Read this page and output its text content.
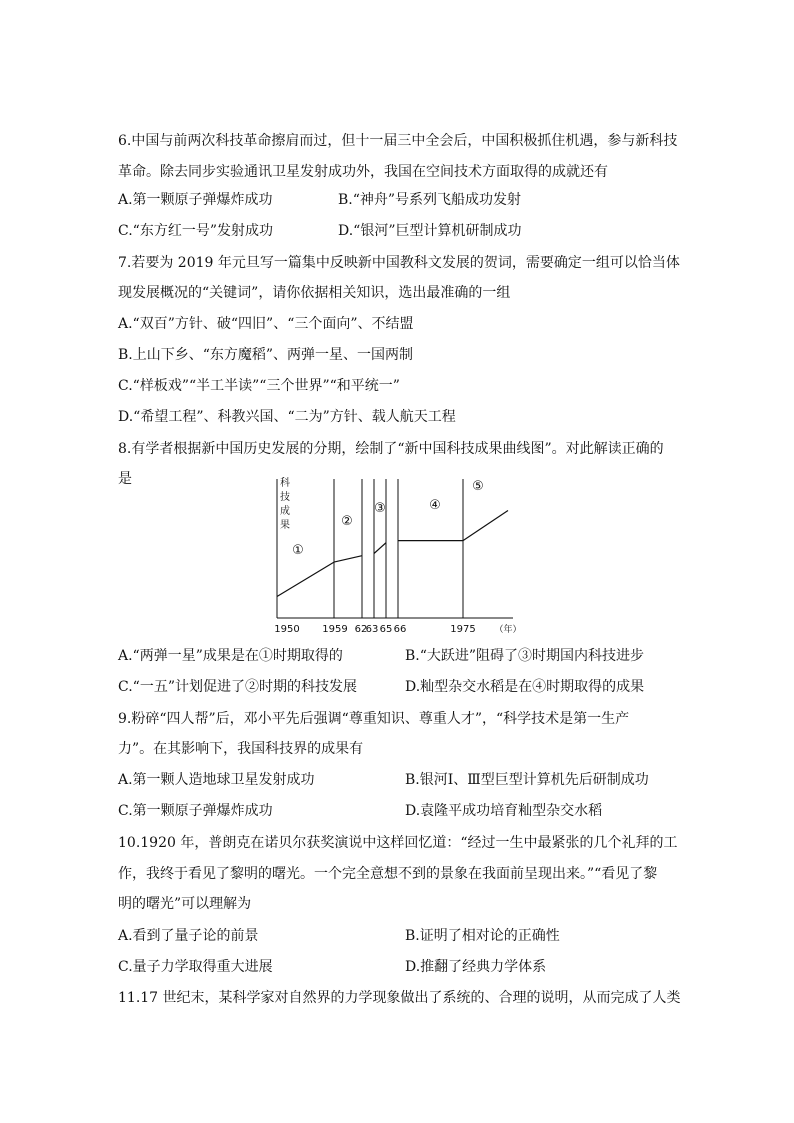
6.中国与前两次科技革命擦肩而过，但十一届三中全会后，中国积极抓住机遇，参与新科技
革命。除去同步实验通讯卫星发射成功外，我国在空间技术方面取得的成就还有
A.第一颗原子弹爆炸成功	B.“神舟”号系列飞船成功发射
C.“东方红一号”发射成功	D.“银河”巨型计算机研制成功
7.若要为 2019 年元旦写一篇集中反映新中国教科文发展的贺词，需要确定一组可以恰当体
现发展概况的“关键词”，请你依据相关知识，选出最准确的一组
A.“双百”方针、破“四旧”、“三个面向”、不结盟
B.上山下乡、“东方魔稻”、两弹一星、一国两制
C.“样板戏”“半工半读”“三个世界”“和平统一”
D.“希望工程”、科教兴国、“二为”方针、载人航天工程
8.有学者根据新中国历史发展的分期，绘制了“新中国科技成果曲线图”。对此解读正确的
是	科
技
成
果
①
②
③	④
⑤
1950 1959 62
63 65 66	1975 （年）
A.“两弹一星”成果是在①时期取得的	B.“大跃进”阻碍了③时期国内科技进步
C.“一五”计划促进了②时期的科技发展	D.籼型杂交水稻是在④时期取得的成果
9.粉碎“四人帮”后，邓小平先后强调“尊重知识、尊重人才”，“科学技术是第一生产
力”。在其影响下，我国科技界的成果有
A.第一颗人造地球卫星发射成功	B.银河Ⅰ、Ⅲ型巨型计算机先后研制成功
C.第一颗原子弹爆炸成功	D.袁隆平成功培育籼型杂交水稻
10.1920 年，普朗克在诺贝尔获奖演说中这样回忆道：“经过一生中最紧张的几个礼拜的工
作，我终于看见了黎明的曙光。一个完全意想不到的景象在我面前呈现出来。”“看见了黎
明的曙光”可以理解为
A.看到了量子论的前景	B.证明了相对论的正确性
C.量子力学取得重大进展	D.推翻了经典力学体系
11.17 世纪末，某科学家对自然界的力学现象做出了系统的、合理的说明，从而完成了人类
